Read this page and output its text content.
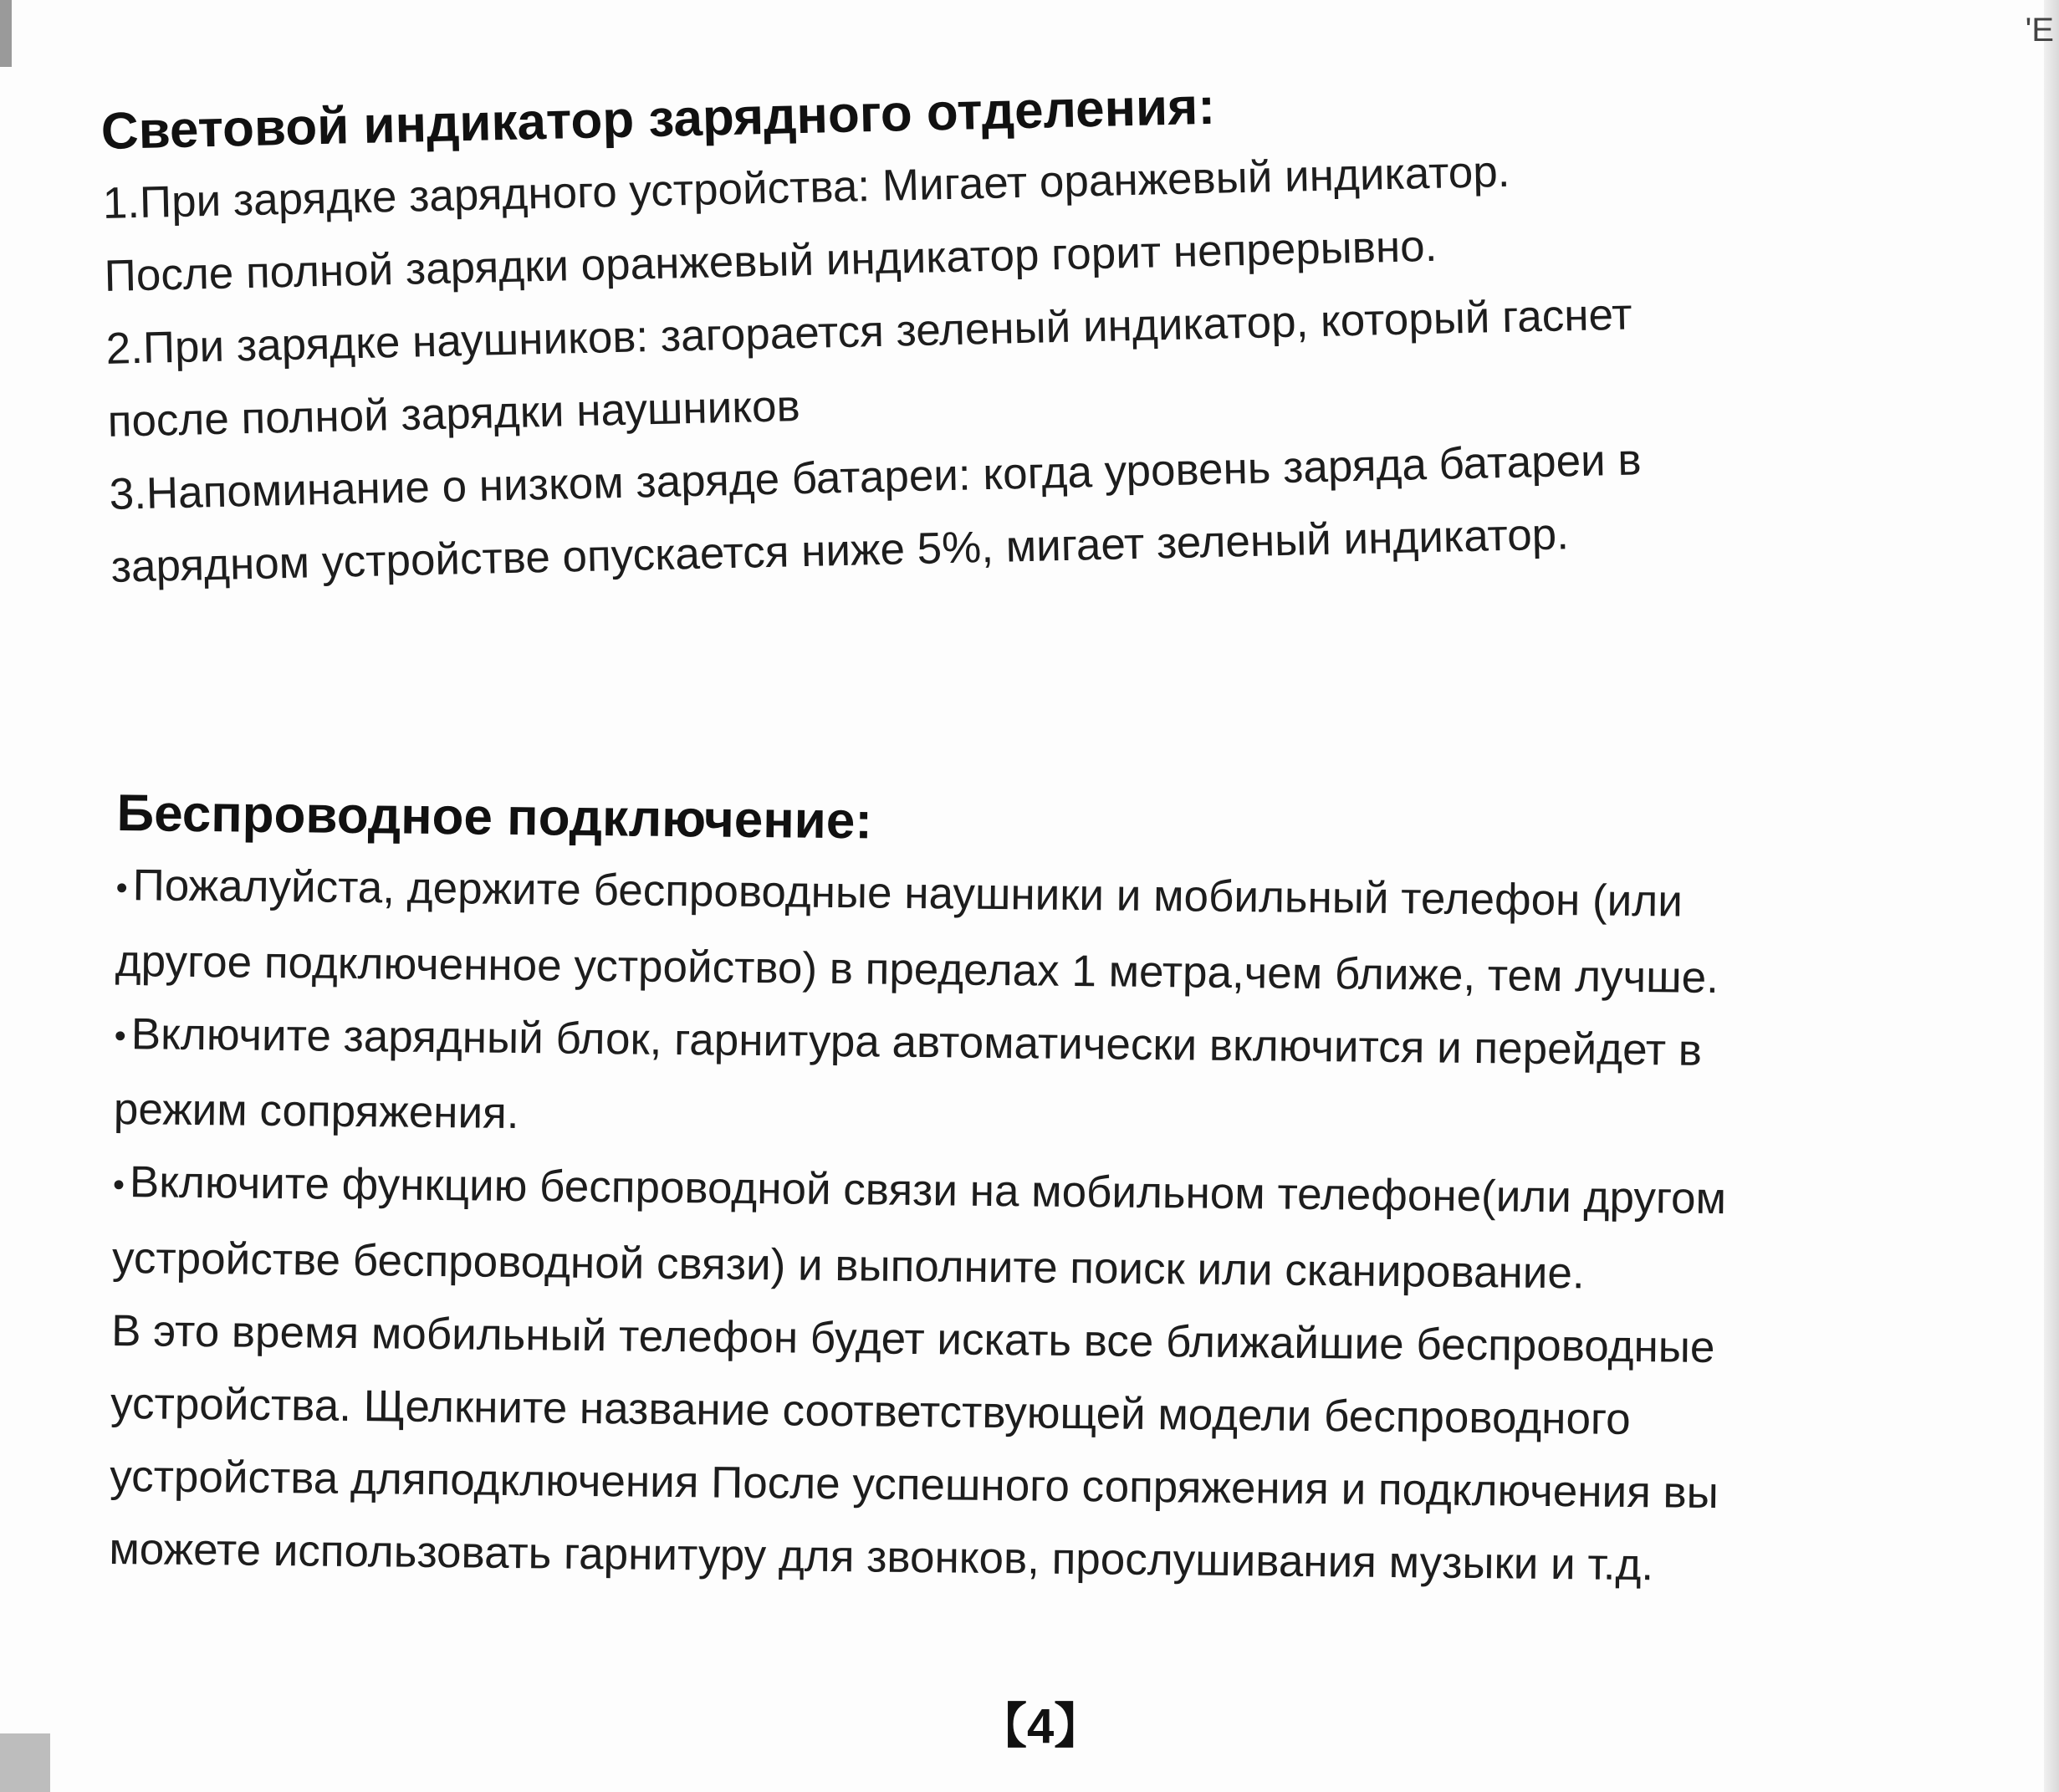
'E
Световой индикатор зарядного отделения:

1.При зарядке зарядного устройства: Мигает оранжевый индикатор.

После полной зарядки оранжевый индикатор горит непрерывно.

2.При зарядке наушников: загорается зеленый индикатор, который гаснет

после полной зарядки наушников

3.Напоминание о низком заряде батареи: когда уровень заряда батареи в

зарядном устройстве опускается ниже 5%, мигает зеленый индикатор.

Беспроводное подключение:

• Пожалуйста, держите беспроводные наушники и мобильный телефон (или

другое подключенное устройство) в пределах 1 метра,чем ближе, тем лучше.

• Включите зарядный блок, гарнитура автоматически включится и перейдет в

режим сопряжения.

• Включите функцию беспроводной связи на мобильном телефоне(или другом

устройстве беспроводной связи) и выполните поиск или сканирование.

В это время мобильный телефон будет искать все ближайшие беспроводные

устройства. Щелкните название соответствующей модели беспроводного

устройства дляподключения После успешного сопряжения и подключения вы

можете использовать гарнитуру для звонков, прослушивания музыки и т.д.

【4】
